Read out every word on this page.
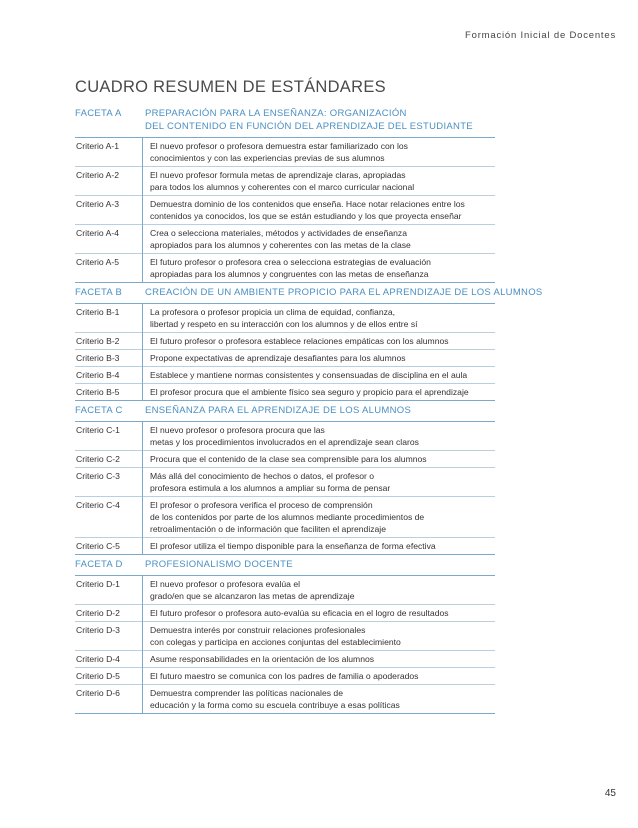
Formación Inicial de Docentes
CUADRO RESUMEN DE ESTÁNDARES
FACETA A	PREPARACIÓN PARA LA ENSEÑANZA: ORGANIZACIÓN
DEL CONTENIDO EN FUNCIÓN DEL APRENDIZAJE DEL ESTUDIANTE
Criterio A-1	El nuevo profesor o profesora demuestra estar familiarizado con los
conocimientos y con las experiencias previas de sus alumnos

Criterio A-2	El nuevo profesor formula metas de aprendizaje claras, apropiadas
para todos los alumnos y coherentes con el marco curricular nacional

Criterio A-3	Demuestra dominio de los contenidos que enseña. Hace notar relaciones entre los
contenidos ya conocidos, los que se están estudiando y los que proyecta enseñar

Criterio A-4	Crea o selecciona materiales, métodos y actividades de enseñanza
apropiados para los alumnos y coherentes con las metas de la clase

Criterio A-5	El futuro profesor o profesora crea o selecciona estrategias de evaluación
apropiadas para los alumnos y congruentes con las metas de enseñanza
FACETA B	CREACIÓN DE UN AMBIENTE PROPICIO PARA EL APRENDIZAJE DE LOS ALUMNOS
Criterio B-1	La profesora o profesor propicia un clima de equidad, confianza,
libertad y respeto en su interacción con los alumnos y de ellos entre sí

Criterio B-2	El futuro profesor o profesora establece relaciones empáticas con los alumnos

Criterio B-3	Propone expectativas de aprendizaje desafiantes para los alumnos

Criterio B-4	Establece y mantiene normas consistentes y consensuadas de disciplina en el aula

Criterio B-5	El profesor procura que el ambiente físico sea seguro y propicio para el aprendizaje
FACETA C	ENSEÑANZA PARA EL APRENDIZAJE DE LOS ALUMNOS
Criterio C-1	El nuevo profesor o profesora procura que las
metas y los procedimientos involucrados en el aprendizaje sean claros

Criterio C-2	Procura que el contenido de la clase sea comprensible para los alumnos

Criterio C-3	Más allá del conocimiento de hechos o datos, el profesor o
profesora estimula a los alumnos a ampliar su forma de pensar

Criterio C-4	El profesor o profesora verifica el proceso de comprensión
de los contenidos por parte de los alumnos mediante procedimientos de
retroalimentación o de información que faciliten el aprendizaje

Criterio C-5	El profesor utiliza el tiempo disponible para la enseñanza de forma efectiva
FACETA D	PROFESIONALISMO DOCENTE
Criterio D-1	El nuevo profesor o profesora evalúa el
grado/en que se alcanzaron las metas de aprendizaje

Criterio D-2	El futuro profesor o profesora auto-evalúa su eficacia en el logro de resultados

Criterio D-3	Demuestra interés por construir relaciones profesionales
con colegas y participa en acciones conjuntas del establecimiento

Criterio D-4	Asume responsabilidades en la orientación de los alumnos

Criterio D-5	El futuro maestro se comunica con los padres de familia o apoderados

Criterio D-6	Demuestra comprender las políticas nacionales de
educación y la forma como su escuela contribuye a esas políticas
45
